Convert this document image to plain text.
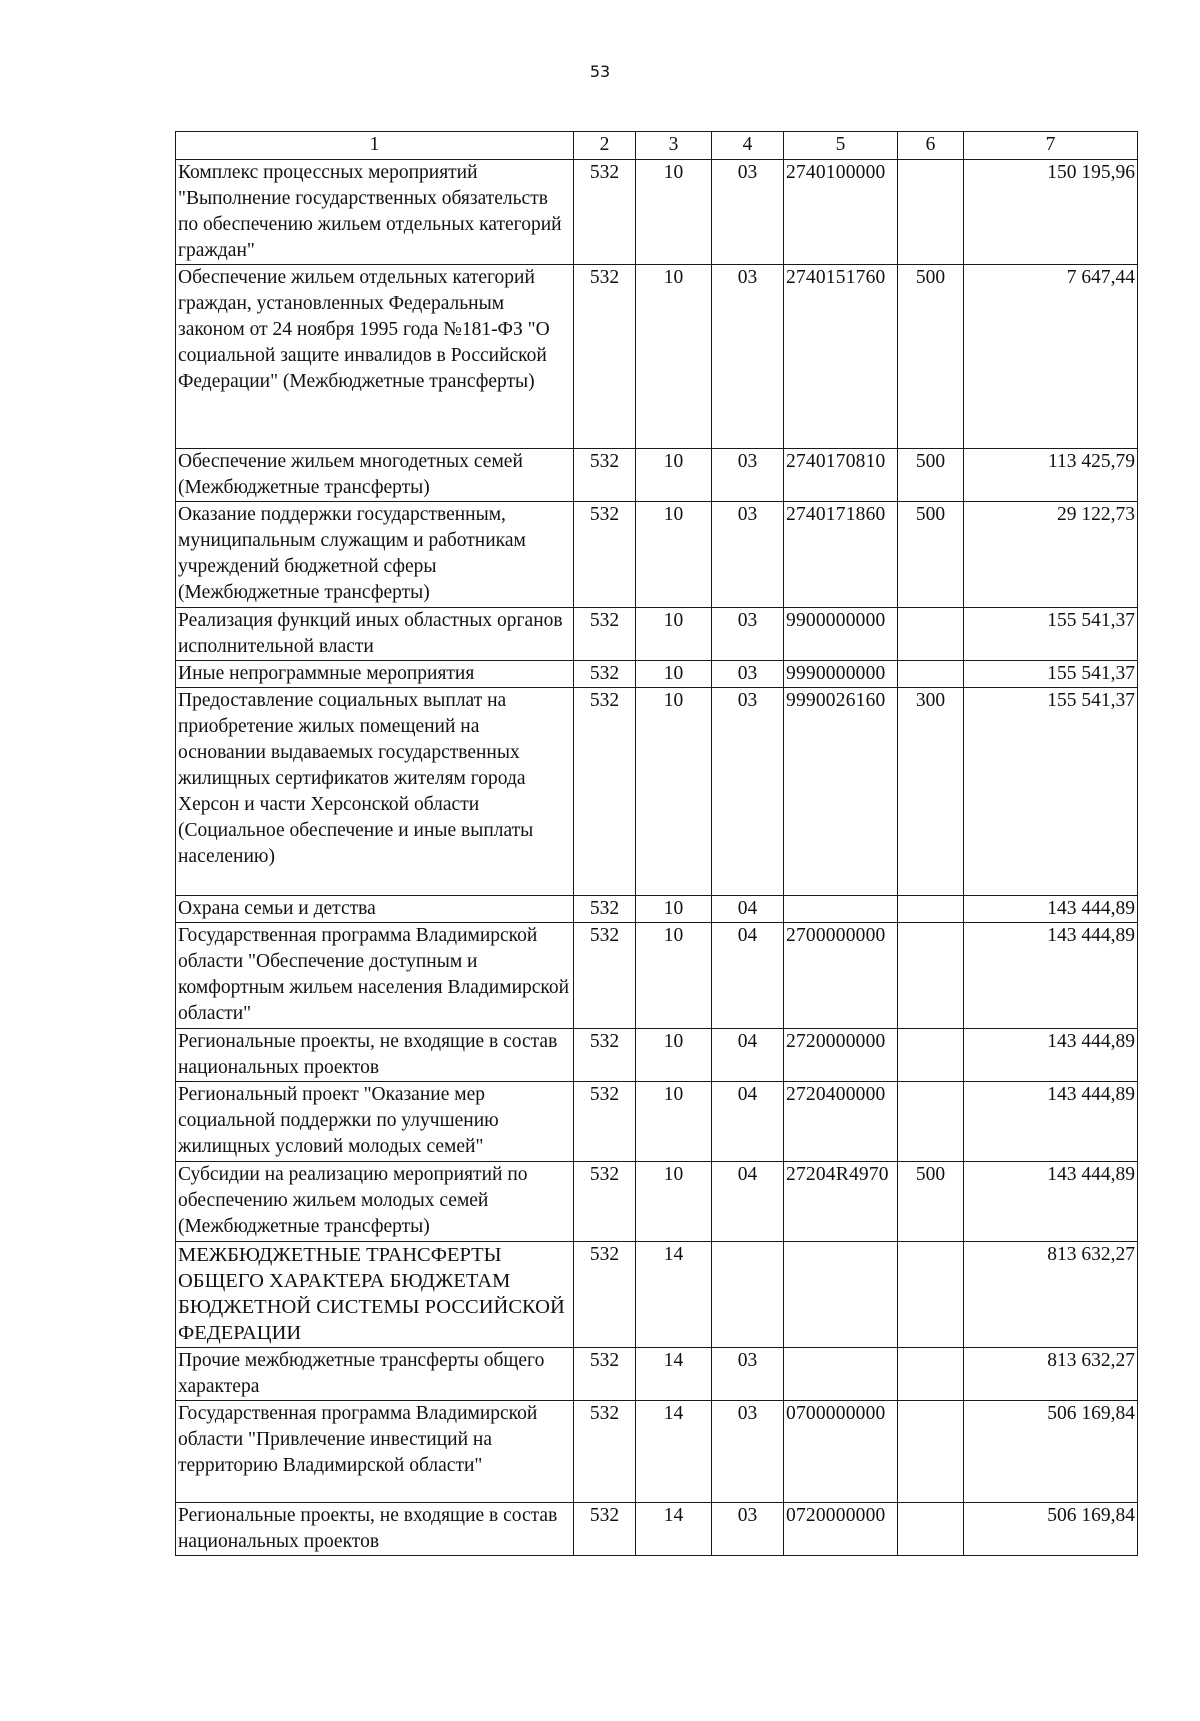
53
1	2	3	4	5	6	7
Комплекс процессных мероприятий "Выполнение государственных обязательств по обеспечению жильем отдельных категорий граждан"	532	10	03	2740100000		150 195,96
Обеспечение жильем отдельных категорий граждан, установленных Федеральным законом от 24 ноября 1995 года №181-ФЗ "О социальной защите инвалидов в Российской Федерации" (Межбюджетные трансферты)	532	10	03	2740151760	500	7 647,44
Обеспечение жильем многодетных семей (Межбюджетные трансферты)	532	10	03	2740170810	500	113 425,79
Оказание поддержки государственным, муниципальным служащим и работникам учреждений бюджетной сферы (Межбюджетные трансферты)	532	10	03	2740171860	500	29 122,73
Реализация функций иных областных органов исполнительной власти	532	10	03	9900000000		155 541,37
Иные непрограммные мероприятия	532	10	03	9990000000		155 541,37
Предоставление социальных выплат на приобретение жилых помещений на основании выдаваемых государственных жилищных сертификатов жителям города Херсон и части Херсонской области (Социальное обеспечение и иные выплаты населению)	532	10	03	9990026160	300	155 541,37
Охрана семьи и детства	532	10	04			143 444,89
Государственная программа Владимирской области "Обеспечение доступным и комфортным жильем населения Владимирской области"	532	10	04	2700000000		143 444,89
Региональные проекты, не входящие в состав национальных проектов	532	10	04	2720000000		143 444,89
Региональный проект "Оказание мер социальной поддержки по улучшению жилищных условий молодых семей"	532	10	04	2720400000		143 444,89
Субсидии на реализацию мероприятий по обеспечению жильем молодых семей (Межбюджетные трансферты)	532	10	04	27204R4970	500	143 444,89
МЕЖБЮДЖЕТНЫЕ ТРАНСФЕРТЫ ОБЩЕГО ХАРАКТЕРА БЮДЖЕТАМ БЮДЖЕТНОЙ СИСТЕМЫ РОССИЙСКОЙ ФЕДЕРАЦИИ	532	14				813 632,27
Прочие межбюджетные трансферты общего характера	532	14	03			813 632,27
Государственная программа Владимирской области "Привлечение инвестиций на территорию Владимирской области"	532	14	03	0700000000		506 169,84
Региональные проекты, не входящие в состав национальных проектов	532	14	03	0720000000		506 169,84
